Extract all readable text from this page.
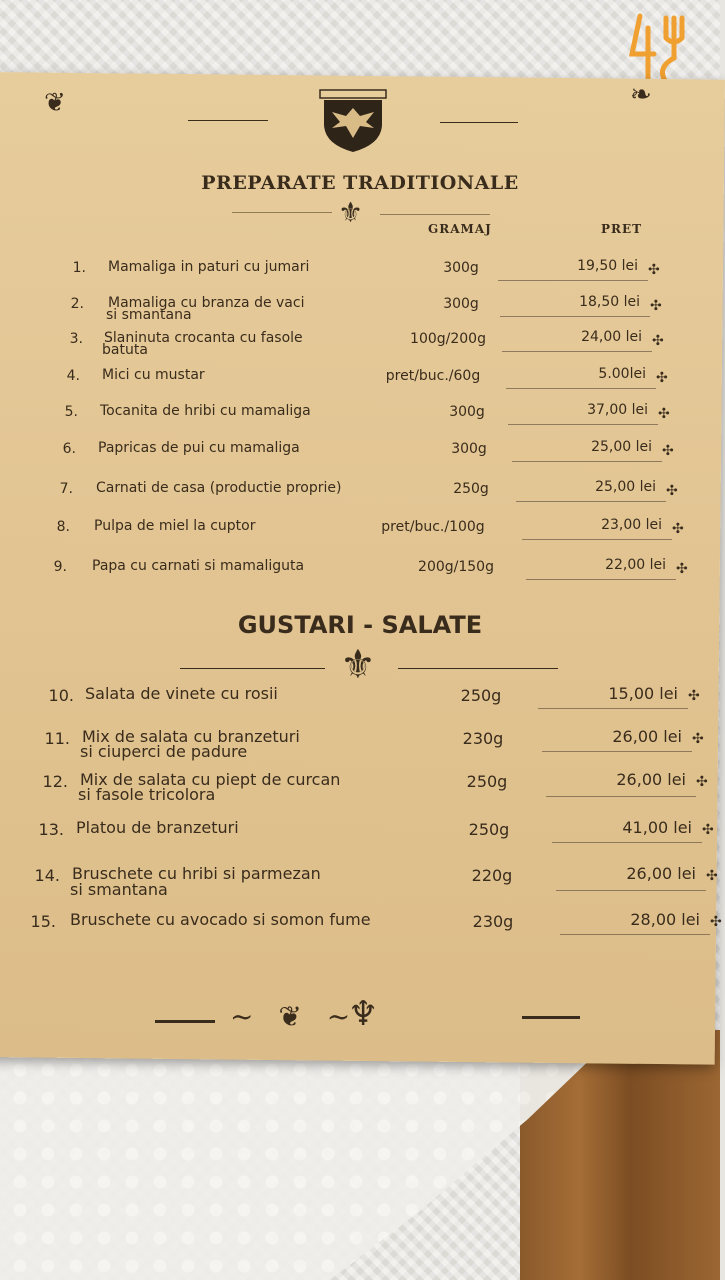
❦	❧
PREPARATE TRADITIONALE
⚜	GRAMAJ	PRET
1. Mamaliga in paturi cu jumari	300g	19,50 lei ✣
2. Mamaliga cu branza de vaci
si smantana
300g	18,50 lei ✣
3. Slaninuta crocanta cu fasole
batuta
100g/200g	24,00 lei ✣
4. Mici cu mustar	pret/buc./60g	5.00lei ✣
5. Tocanita de hribi cu mamaliga	300g	37,00 lei ✣
6. Papricas de pui cu mamaliga	300g	25,00 lei ✣
7. Carnati de casa (productie proprie)	250g	25,00 lei ✣
8. Pulpa de miel la cuptor	pret/buc./100g	23,00 lei ✣
9. Papa cu carnati si mamaliguta	200g/150g	22,00 lei ✣
GUSTARI - SALATE
⚜
10. Salata de vinete cu rosii	250g	15,00 lei ✣
11. Mix de salata cu branzeturi
si ciuperci de padure
230g	26,00 lei ✣
12. Mix de salata cu piept de curcan
si fasole tricolora
250g	26,00 lei ✣
13. Platou de branzeturi	250g	41,00 lei ✣
14. Bruschete cu hribi si parmezan
si smantana
220g	26,00 lei ✣
15. Bruschete cu avocado si somon fume	230g	28,00 lei ✣
~ ❦ ~
♆
